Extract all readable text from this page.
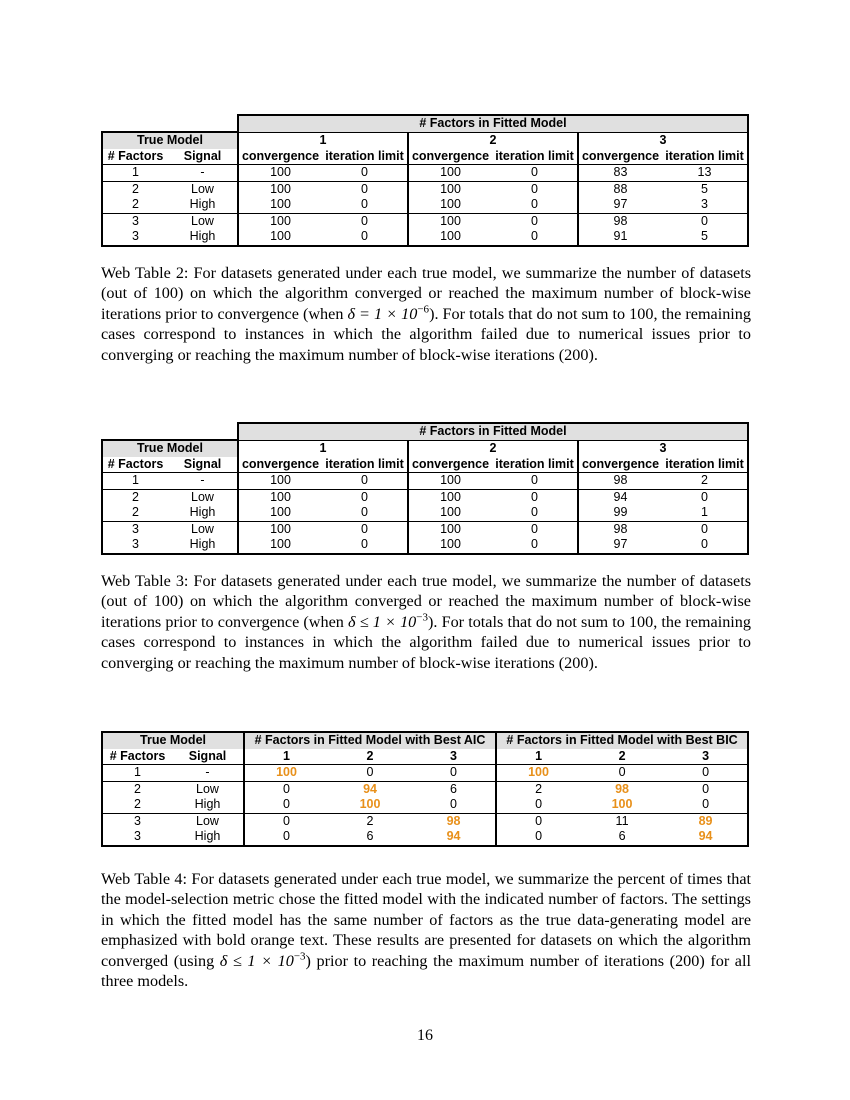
		# Factors in Fitted Model					
True Model		1		2		3	
# Factors	Signal	convergence	iteration limit	convergence	iteration limit	convergence	iteration limit
1	-	100	0	100	0	83	13
2	Low	100	0	100	0	88	5
2	High	100	0	100	0	97	3
3	Low	100	0	100	0	98	0
3	High	100	0	100	0	91	5

Web Table 2: For datasets generated under each true model, we summarize the number of datasets (out of 100) on which the algorithm converged or reached the maximum number of block-wise iterations prior to convergence (when $\delta = 1 \times 10^{-6}$). For totals that do not sum to 100, the remaining cases correspond to instances in which the algorithm failed due to numerical issues prior to converging or reaching the maximum number of block-wise iterations (200).

		# Factors in Fitted Model					
True Model		1		2		3	
# Factors	Signal	convergence	iteration limit	convergence	iteration limit	convergence	iteration limit
1	-	100	0	100	0	98	2
2	Low	100	0	100	0	94	0
2	High	100	0	100	0	99	1
3	Low	100	0	100	0	98	0
3	High	100	0	100	0	97	0

Web Table 3: For datasets generated under each true model, we summarize the number of datasets (out of 100) on which the algorithm converged or reached the maximum number of block-wise iterations prior to convergence (when $\delta \le 1 \times 10^{-3}$). For totals that do not sum to 100, the remaining cases correspond to instances in which the algorithm failed due to numerical issues prior to converging or reaching the maximum number of block-wise iterations (200).

True Model		# Factors in Fitted Model with Best AIC			# Factors in Fitted Model with Best BIC		
# Factors	Signal	1	2	3	1	2	3
1	-	100	0	0	100	0	0
2	Low	0	94	6	2	98	0
2	High	0	100	0	0	100	0
3	Low	0	2	98	0	11	89
3	High	0	6	94	0	6	94

Web Table 4: For datasets generated under each true model, we summarize the percent of times that the model-selection metric chose the fitted model with the indicated number of factors. The settings in which the fitted model has the same number of factors as the true data-generating model are emphasized with bold orange text. These results are presented for datasets on which the algorithm converged (using $\delta \le 1 \times 10^{-3}$) prior to reaching the maximum number of iterations (200) for all three models.

16
